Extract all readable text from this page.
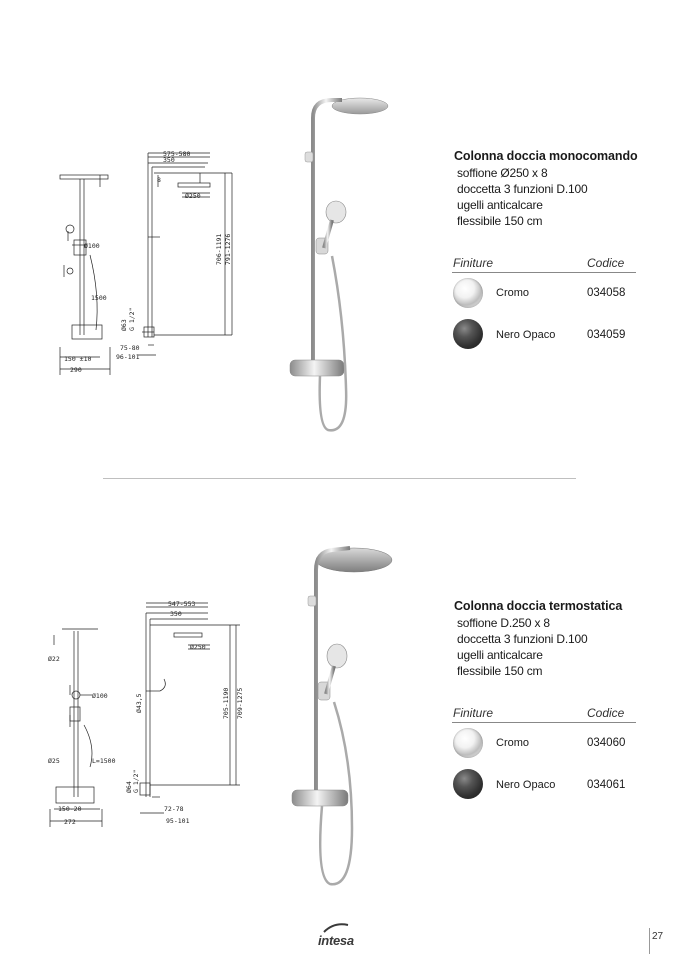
575-580
350
Ø250
8
706-1191 791-1276
Ø100
1500
Ø63 G 1/2"
75-80
96-101
150 ±10
290
Colonna doccia monocomando
soffione Ø250 x 8
doccetta 3 funzioni D.100
ugelli anticalcare
flessibile 150 cm
Finiture	Codice
Cromo	034058
Nero Opaco	034059
547-553
350
Ø250
Ø22
Ø100	Ø43,5	705-1190 709-1275
Ø25	L=1500
Ø64 G 1/2"
72-78
95-101
150-20
272
Colonna doccia termostatica
soffione D.250 x 8
doccetta 3 funzioni D.100
ugelli anticalcare
flessibile 150 cm
Finiture	Codice
Cromo	034060
Nero Opaco	034061
intesa	27
